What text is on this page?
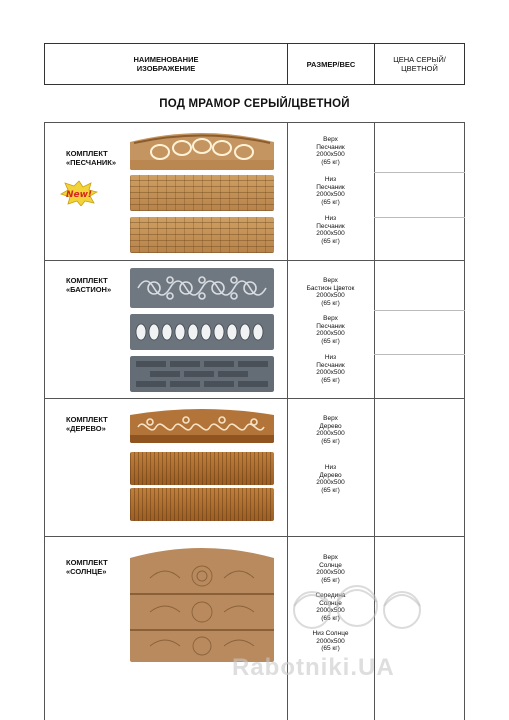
НАИМЕНОВАНИЕ ИЗОБРАЖЕНИЕ	РАЗМЕР/ВЕС	ЦЕНА СЕРЫЙ/ЦВЕТНОЙ
ПОД МРАМОР СЕРЫЙ/ЦВЕТНОЙ
КОМПЛЕКТ «ПЕСЧАНИК»
New!
Верх
Песчаник
2000х500
(65 кг)
Низ
Песчаник
2000х500
(65 кг)
Низ
Песчаник
2000х500
(65 кг)
КОМПЛЕКТ «БАСТИОН»
Верх
Бастион Цветок
2000х500
(65 кг)
Верх
Песчаник
2000х500
(65 кг)
Низ
Песчаник
2000х500
(65 кг)
КОМПЛЕКТ «ДЕРЕВО»
Верх
Дерево
2000х500
(65 кг)
Низ
Дерево
2000х500
(65 кг)
КОМПЛЕКТ «СОЛНЦЕ»
Верх
Солнце
2000х500
(65 кг)
Середина
Солнце
2000х500
(65 кг)
Низ Солнце
2000х500
(65 кг)
Rabotniki.UA
